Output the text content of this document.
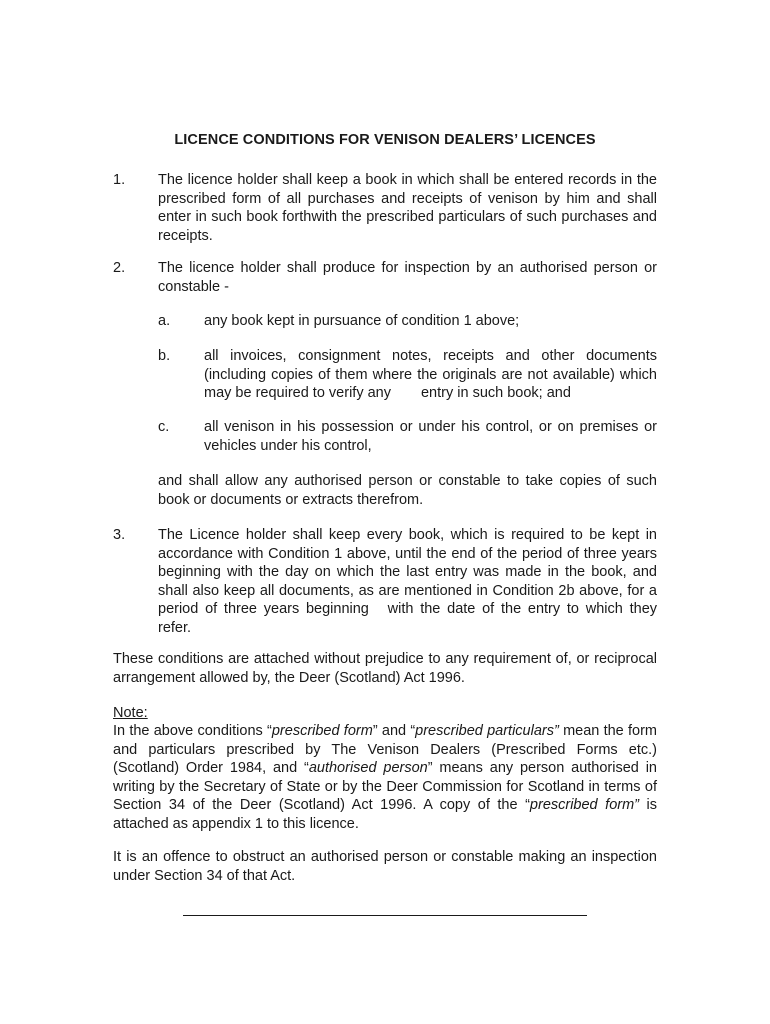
LICENCE CONDITIONS FOR VENISON DEALERS’ LICENCES
1. The licence holder shall keep a book in which shall be entered records in the prescribed form of all purchases and receipts of venison by him and shall enter in such book forthwith the prescribed particulars of such purchases and receipts.
2. The licence holder shall produce for inspection by an authorised person or constable -
a. any book kept in pursuance of condition 1 above;
b. all invoices, consignment notes, receipts and other documents (including copies of them where the originals are not available) which may be required to verify any entry in such book; and
c. all venison in his possession or under his control, or on premises or vehicles under his control,
and shall allow any authorised person or constable to take copies of such book or documents or extracts therefrom.
3. The Licence holder shall keep every book, which is required to be kept in accordance with Condition 1 above, until the end of the period of three years beginning with the day on which the last entry was made in the book, and shall also keep all documents, as are mentioned in Condition 2b above, for a period of three years beginning with the date of the entry to which they refer.
These conditions are attached without prejudice to any requirement of, or reciprocal arrangement allowed by, the Deer (Scotland) Act 1996.
Note:
In the above conditions “prescribed form” and “prescribed particulars” mean the form and particulars prescribed by The Venison Dealers (Prescribed Forms etc.) (Scotland) Order 1984, and “authorised person” means any person authorised in writing by the Secretary of State or by the Deer Commission for Scotland in terms of Section 34 of the Deer (Scotland) Act 1996. A copy of the “prescribed form” is attached as appendix 1 to this licence.
It is an offence to obstruct an authorised person or constable making an inspection under Section 34 of that Act.
